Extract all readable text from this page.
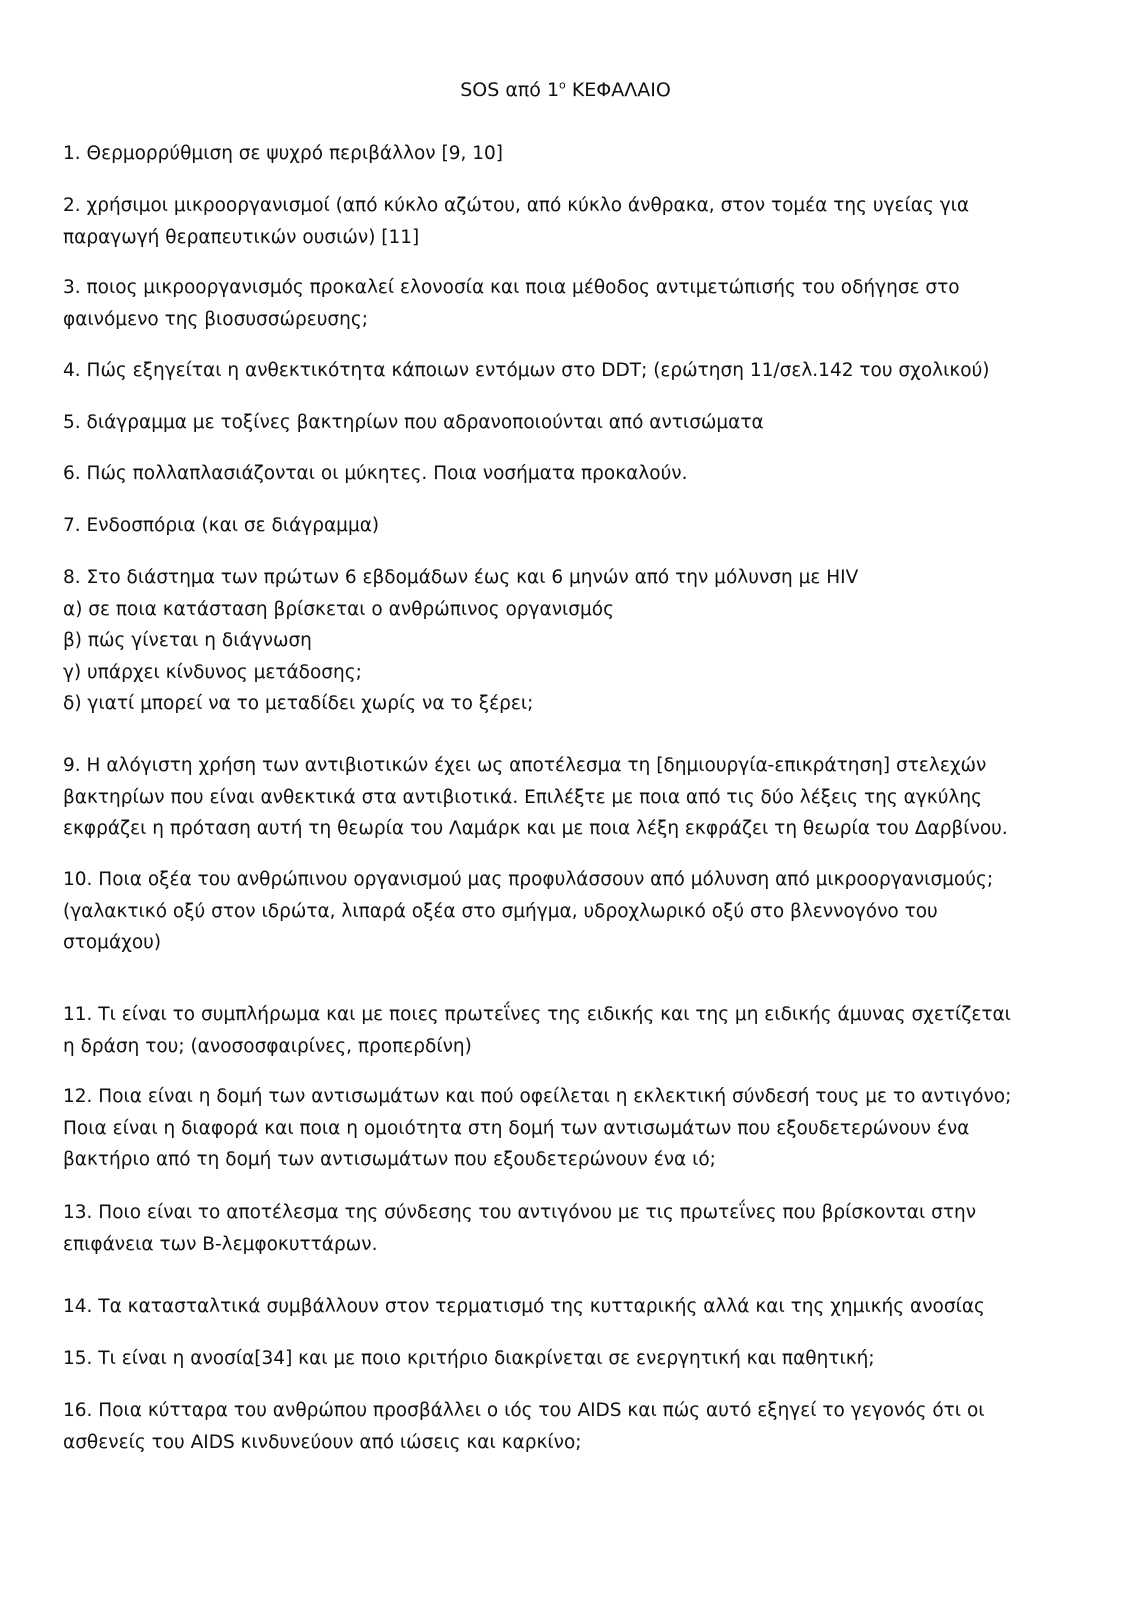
SOS από $1^o$ ΚΕΦΑΛΑΙΟ
1. Θερμορρύθμιση σε ψυχρό περιβάλλον [9, 10]
2. χρήσιμοι μικροοργανισμοί (από κύκλο αζώτου, από κύκλο άνθρακα, στον τομέα της υγείας για
παραγωγή θεραπευτικών ουσιών) [11]
3. ποιος μικροοργανισμός προκαλεί ελονοσία και ποια μέθοδος αντιμετώπισής του οδήγησε στο
φαινόμενο της βιοσυσσώρευσης;
4. Πώς εξηγείται η ανθεκτικότητα κάποιων εντόμων στο DDT; (ερώτηση 11/σελ.142 του σχολικού)
5. διάγραμμα με τοξίνες βακτηρίων που αδρανοποιούνται από αντισώματα
6. Πώς πολλαπλασιάζονται οι μύκητες. Ποια νοσήματα προκαλούν.
7. Ενδοσπόρια (και σε διάγραμμα)
8. Στο διάστημα των πρώτων 6 εβδομάδων έως και 6 μηνών από την μόλυνση με HIV
α) σε ποια κατάσταση βρίσκεται ο ανθρώπινος οργανισμός
β) πώς γίνεται η διάγνωση
γ) υπάρχει κίνδυνος μετάδοσης;
δ) γιατί μπορεί να το μεταδίδει χωρίς να το ξέρει;
9. Η αλόγιστη χρήση των αντιβιοτικών έχει ως αποτέλεσμα τη [δημιουργία-επικράτηση] στελεχών
βακτηρίων που είναι ανθεκτικά στα αντιβιοτικά. Επιλέξτε με ποια από τις δύο λέξεις της αγκύλης
εκφράζει η πρόταση αυτή τη θεωρία του Λαμάρκ και με ποια λέξη εκφράζει τη θεωρία του Δαρβίνου.
10. Ποια οξέα του ανθρώπινου οργανισμού μας προφυλάσσουν από μόλυνση από μικροοργανισμούς;
(γαλακτικό οξύ στον ιδρώτα, λιπαρά οξέα στο σμήγμα, υδροχλωρικό οξύ στο βλεννογόνο του
στομάχου)
11. Τι είναι το συμπλήρωμα και με ποιες πρωτεΐνες της ειδικής και της μη ειδικής άμυνας σχετίζεται
η δράση του; (ανοσοσφαιρίνες, προπερδίνη)
12. Ποια είναι η δομή των αντισωμάτων και πού οφείλεται η εκλεκτική σύνδεσή τους με το αντιγόνο;
Ποια είναι η διαφορά και ποια η ομοιότητα στη δομή των αντισωμάτων που εξουδετερώνουν ένα
βακτήριο από τη δομή των αντισωμάτων που εξουδετερώνουν ένα ιό;
13. Ποιο είναι το αποτέλεσμα της σύνδεσης του αντιγόνου με τις πρωτεΐνες που βρίσκονται στην
επιφάνεια των Β-λεμφοκυττάρων.
14. Τα κατασταλτικά συμβάλλουν στον τερματισμό της κυτταρικής αλλά και της χημικής ανοσίας
15. Τι είναι η ανοσία[34] και με ποιο κριτήριο διακρίνεται σε ενεργητική και παθητική;
16. Ποια κύτταρα του ανθρώπου προσβάλλει ο ιός του AIDS και πώς αυτό εξηγεί το γεγονός ότι οι
ασθενείς του AIDS κινδυνεύουν από ιώσεις και καρκίνο;
